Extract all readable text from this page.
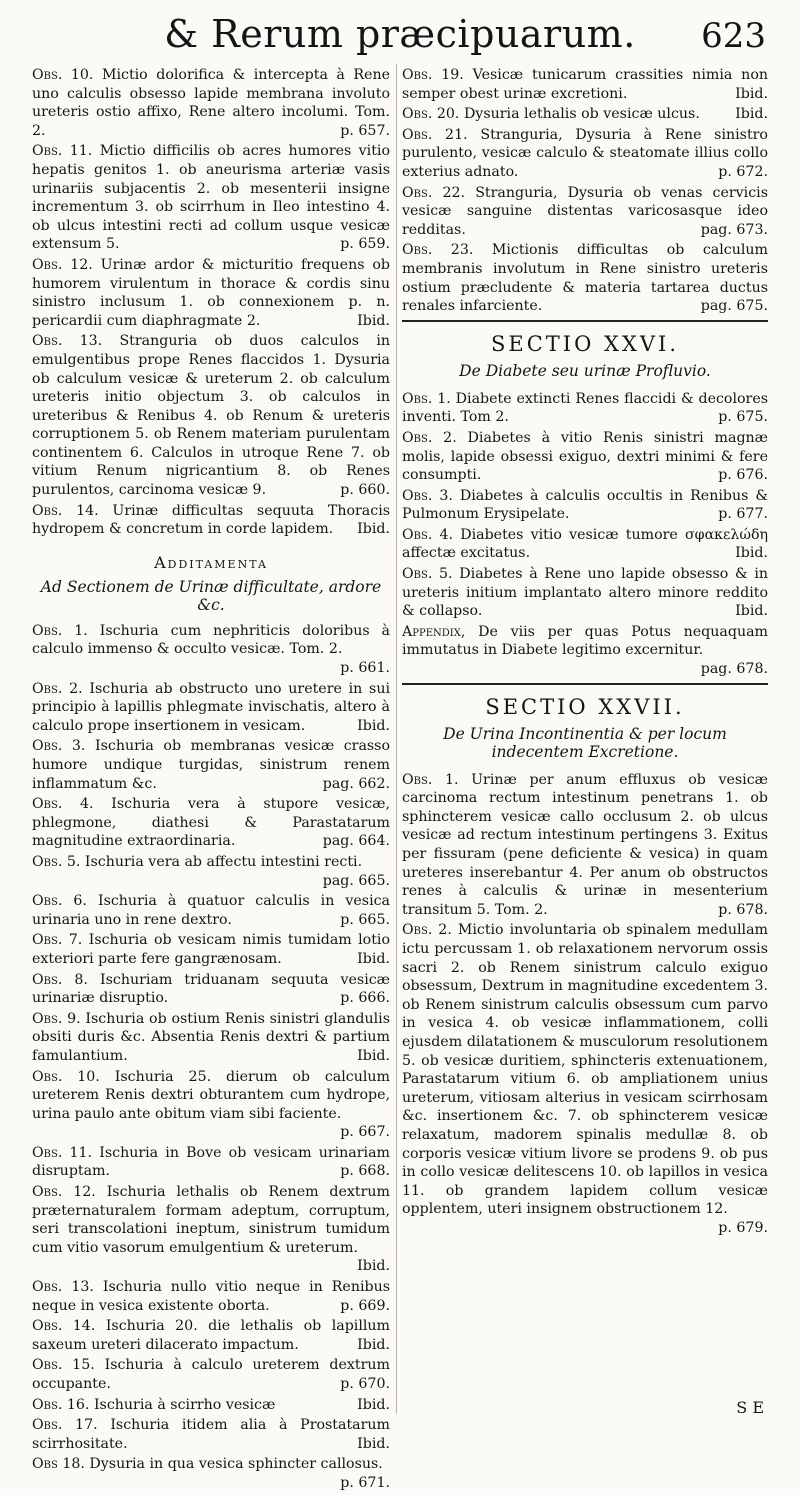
& Rerum præcipuarum.	623

Obs. 10. Mictio dolorifica & intercepta à Rene uno calculis obsesso lapide membrana involuto ureteris ostio affixo, Rene altero incolumi. Tom. 2.	p. 657.

Obs. 11. Mictio difficilis ob acres humores vitio hepatis genitos 1. ob aneurisma arteriæ vasis urinariis subjacentis 2. ob mesenterii insigne incrementum 3. ob scirrhum in Ileo intestino 4. ob ulcus intestini recti ad collum usque vesicæ extensum 5.	p. 659.

Obs. 12. Urinæ ardor & micturitio frequens ob humorem virulentum in thorace & cordis sinu sinistro inclusum 1. ob connexionem p. n. pericardii cum diaphragmate 2.	Ibid.

Obs. 13. Stranguria ob duos calculos in emulgentibus prope Renes flaccidos 1. Dysuria ob calculum vesicæ & ureterum 2. ob calculum ureteris initio objectum 3. ob calculos in ureteribus & Renibus 4. ob Renum & ureteris corruptionem 5. ob Renem materiam purulentam continentem 6. Calculos in utroque Rene 7. ob vitium Renum nigricantium 8. ob Renes purulentos, carcinoma vesicæ 9.	p. 660.

Obs. 14. Urinæ difficultas sequuta Thoracis hydropem & concretum in corde lapidem. Ibid.

Additamenta
Ad Sectionem de Urinæ difficultate, ardore &c.

Obs. 1. Ischuria cum nephriticis doloribus à calculo immenso & occulto vesicæ. Tom. 2.
p. 661.

Obs. 2. Ischuria ab obstructo uno uretere in sui principio à lapillis phlegmate invischatis, altero à calculo prope insertionem in vesicam.	Ibid.

Obs. 3. Ischuria ob membranas vesicæ crasso humore undique turgidas, sinistrum renem inflammatum &c.	pag. 662.

Obs. 4. Ischuria vera à stupore vesicæ, phlegmone, diathesi & Parastatarum magnitudine extraordinaria.	pag. 664.

Obs. 5. Ischuria vera ab affectu intestini recti.
pag. 665.

Obs. 6. Ischuria à quatuor calculis in vesica urinaria uno in rene dextro.	p. 665.

Obs. 7. Ischuria ob vesicam nimis tumidam lotio exteriori parte fere gangrænosam.	Ibid.

Obs. 8. Ischuriam triduanam sequuta vesicæ urinariæ disruptio.	p. 666.

Obs. 9. Ischuria ob ostium Renis sinistri glandulis obsiti duris &c. Absentia Renis dextri & partium famulantium.	Ibid.

Obs. 10. Ischuria 25. dierum ob calculum ureterem Renis dextri obturantem cum hydrope, urina paulo ante obitum viam sibi faciente.
p. 667.

Obs. 11. Ischuria in Bove ob vesicam urinariam disruptam.	p. 668.

Obs. 12. Ischuria lethalis ob Renem dextrum præternaturalem formam adeptum, corruptum, seri transcolationi ineptum, sinistrum tumidum cum vitio vasorum emulgentium & ureterum.
Ibid.

Obs. 13. Ischuria nullo vitio neque in Renibus neque in vesica existente oborta.	p. 669.

Obs. 14. Ischuria 20. die lethalis ob lapillum saxeum ureteri dilacerato impactum.	Ibid.

Obs. 15. Ischuria à calculo ureterem dextrum occupante.	p. 670.

Obs. 16. Ischuria à scirrho vesicæ	Ibid.

Obs. 17. Ischuria itidem alia à Prostatarum scirrhositate.	Ibid.

Obs 18. Dysuria in qua vesica sphincter callosus.
p. 671.

Obs. 19. Vesicæ tunicarum crassities nimia non semper obest urinæ excretioni.	Ibid.

Obs. 20. Dysuria lethalis ob vesicæ ulcus. Ibid.

Obs. 21. Stranguria, Dysuria à Rene sinistro purulento, vesicæ calculo & steatomate illius collo exterius adnato.	p. 672.

Obs. 22. Stranguria, Dysuria ob venas cervicis vesicæ sanguine distentas varicosasque ideo redditas.	pag. 673.

Obs. 23. Mictionis difficultas ob calculum membranis involutum in Rene sinistro ureteris ostium præcludente & materia tartarea ductus renales infarciente.	pag. 675.

SECTIO XXVI.
De Diabete seu urinæ Profluvio.

Obs. 1. Diabete extincti Renes flaccidi & decolores inventi. Tom 2.	p. 675.

Obs. 2. Diabetes à vitio Renis sinistri magnæ molis, lapide obsessi exiguo, dextri minimi & fere consumpti.	p. 676.

Obs. 3. Diabetes à calculis occultis in Renibus & Pulmonum Erysipelate.	p. 677.

Obs. 4. Diabetes vitio vesicæ tumore σφακελώδη affectæ excitatus.	Ibid.

Obs. 5. Diabetes à Rene uno lapide obsesso & in ureteris initium implantato altero minore reddito & collapso.	Ibid.

Appendix, De viis per quas Potus nequaquam immutatus in Diabete legitimo excernitur.
pag. 678.

SECTIO XXVII.
De Urina Incontinentia & per locum indecentem Excretione.

Obs. 1. Urinæ per anum effluxus ob vesicæ carcinoma rectum intestinum penetrans 1. ob sphincterem vesicæ callo occlusum 2. ob ulcus vesicæ ad rectum intestinum pertingens 3. Exitus per fissuram (pene deficiente & vesica) in quam ureteres inserebantur 4. Per anum ob obstructos renes à calculis & urinæ in mesenterium transitum 5. Tom. 2.	p. 678.

Obs. 2. Mictio involuntaria ob spinalem medullam ictu percussam 1. ob relaxationem nervorum ossis sacri 2. ob Renem sinistrum calculo exiguo obsessum, Dextrum in magnitudine excedentem 3. ob Renem sinistrum calculis obsessum cum parvo in vesica 4. ob vesicæ inflammationem, colli ejusdem dilatationem & musculorum resolutionem 5. ob vesicæ duritiem, sphincteris extenuationem, Parastatarum vitium 6. ob ampliationem unius ureterum, vitiosam alterius in vesicam scirrhosam &c. insertionem &c. 7. ob sphincterem vesicæ relaxatum, madorem spinalis medullæ 8. ob corporis vesicæ vitium livore se prodens 9. ob pus in collo vesicæ delitescens 10. ob lapillos in vesica 11. ob grandem lapidem collum vesicæ opplentem, uteri insignem obstructionem 12.
p. 679.

S E
